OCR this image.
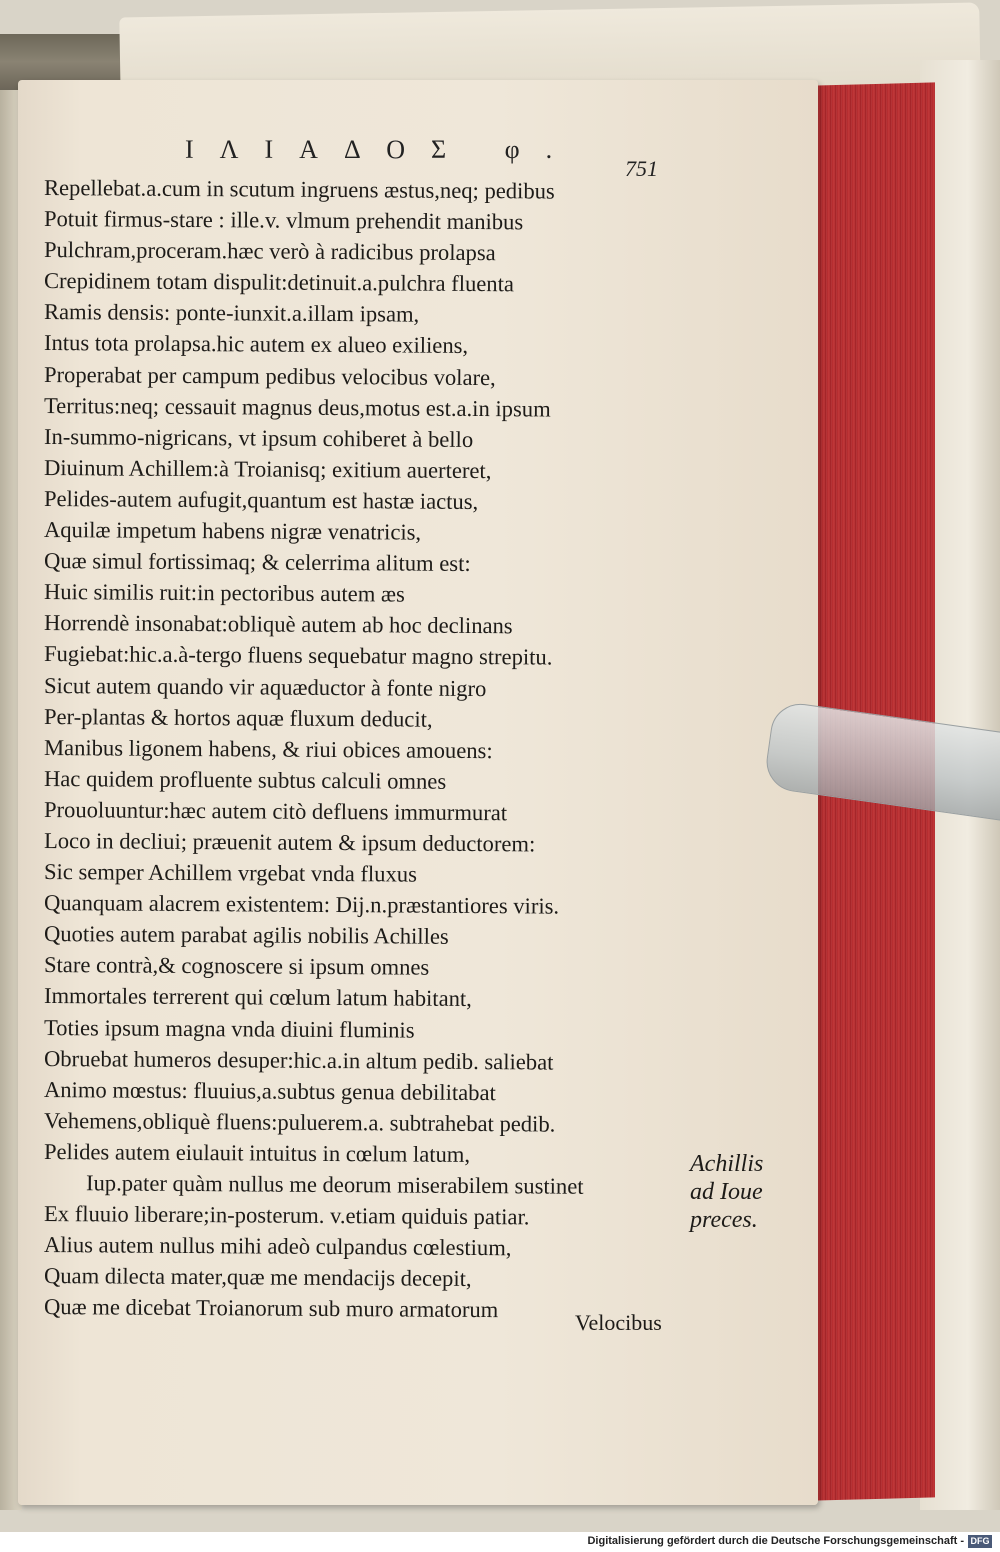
ΙΛΙΑΔΟΣ φ.
751
Repellebat.a.cum in scutum ingruens æstus,neq; pedibus
Potuit firmus-stare : ille.v. vlmum prehendit manibus
Pulchram,proceram.hæc verò à radicibus prolapsa
Crepidinem totam dispulit:detinuit.a.pulchra fluenta
Ramis densis: ponte-iunxit.a.illam ipsam,
Intus tota prolapsa.hic autem ex alueo exiliens,
Properabat per campum pedibus velocibus volare,
Territus:neq; cessauit magnus deus,motus est.a.in ipsum
In-summo-nigricans, vt ipsum cohiberet à bello
Diuinum Achillem:à Troianisq; exitium auerteret,
Pelides-autem aufugit,quantum est hastæ iactus,
Aquilæ impetum habens nigræ venatricis,
Quæ simul fortissimaq; & celerrima alitum est:
Huic similis ruit:in pectoribus autem æs
Horrendè insonabat:obliquè autem ab hoc declinans
Fugiebat:hic.a.à-tergo fluens sequebatur magno strepitu.
Sicut autem quando vir aquæductor à fonte nigro
Per-plantas & hortos aquæ fluxum deducit,
Manibus ligonem habens, & riui obices amouens:
Hac quidem profluente subtus calculi omnes
Prouoluuntur:hæc autem citò defluens immurmurat
Loco in decliui; præuenit autem & ipsum deductorem:
Sic semper Achillem vrgebat vnda fluxus
Quanquam alacrem existentem: Dij.n.præstantiores viris.
Quoties autem parabat agilis nobilis Achilles
Stare contrà,& cognoscere si ipsum omnes
Immortales terrerent qui cœlum latum habitant,
Toties ipsum magna vnda diuini fluminis
Obruebat humeros desuper:hic.a.in altum pedib. saliebat
Animo mœstus: fluuius,a.subtus genua debilitabat
Vehemens,obliquè fluens:puluerem.a. subtrahebat pedib.
Pelides autem eiulauit intuitus in cœlum latum,
Iup.pater quàm nullus me deorum miserabilem sustinet
Ex fluuio liberare;in-posterum. v.etiam quiduis patiar.
Alius autem nullus mihi adeò culpandus cœlestium,
Quam dilecta mater,quæ me mendacijs decepit,
Quæ me dicebat Troianorum sub muro armatorum
Achillis
ad Ioue
preces.
Velocibus
Digitalisierung gefördert durch die Deutsche Forschungsgemeinschaft - DFG
